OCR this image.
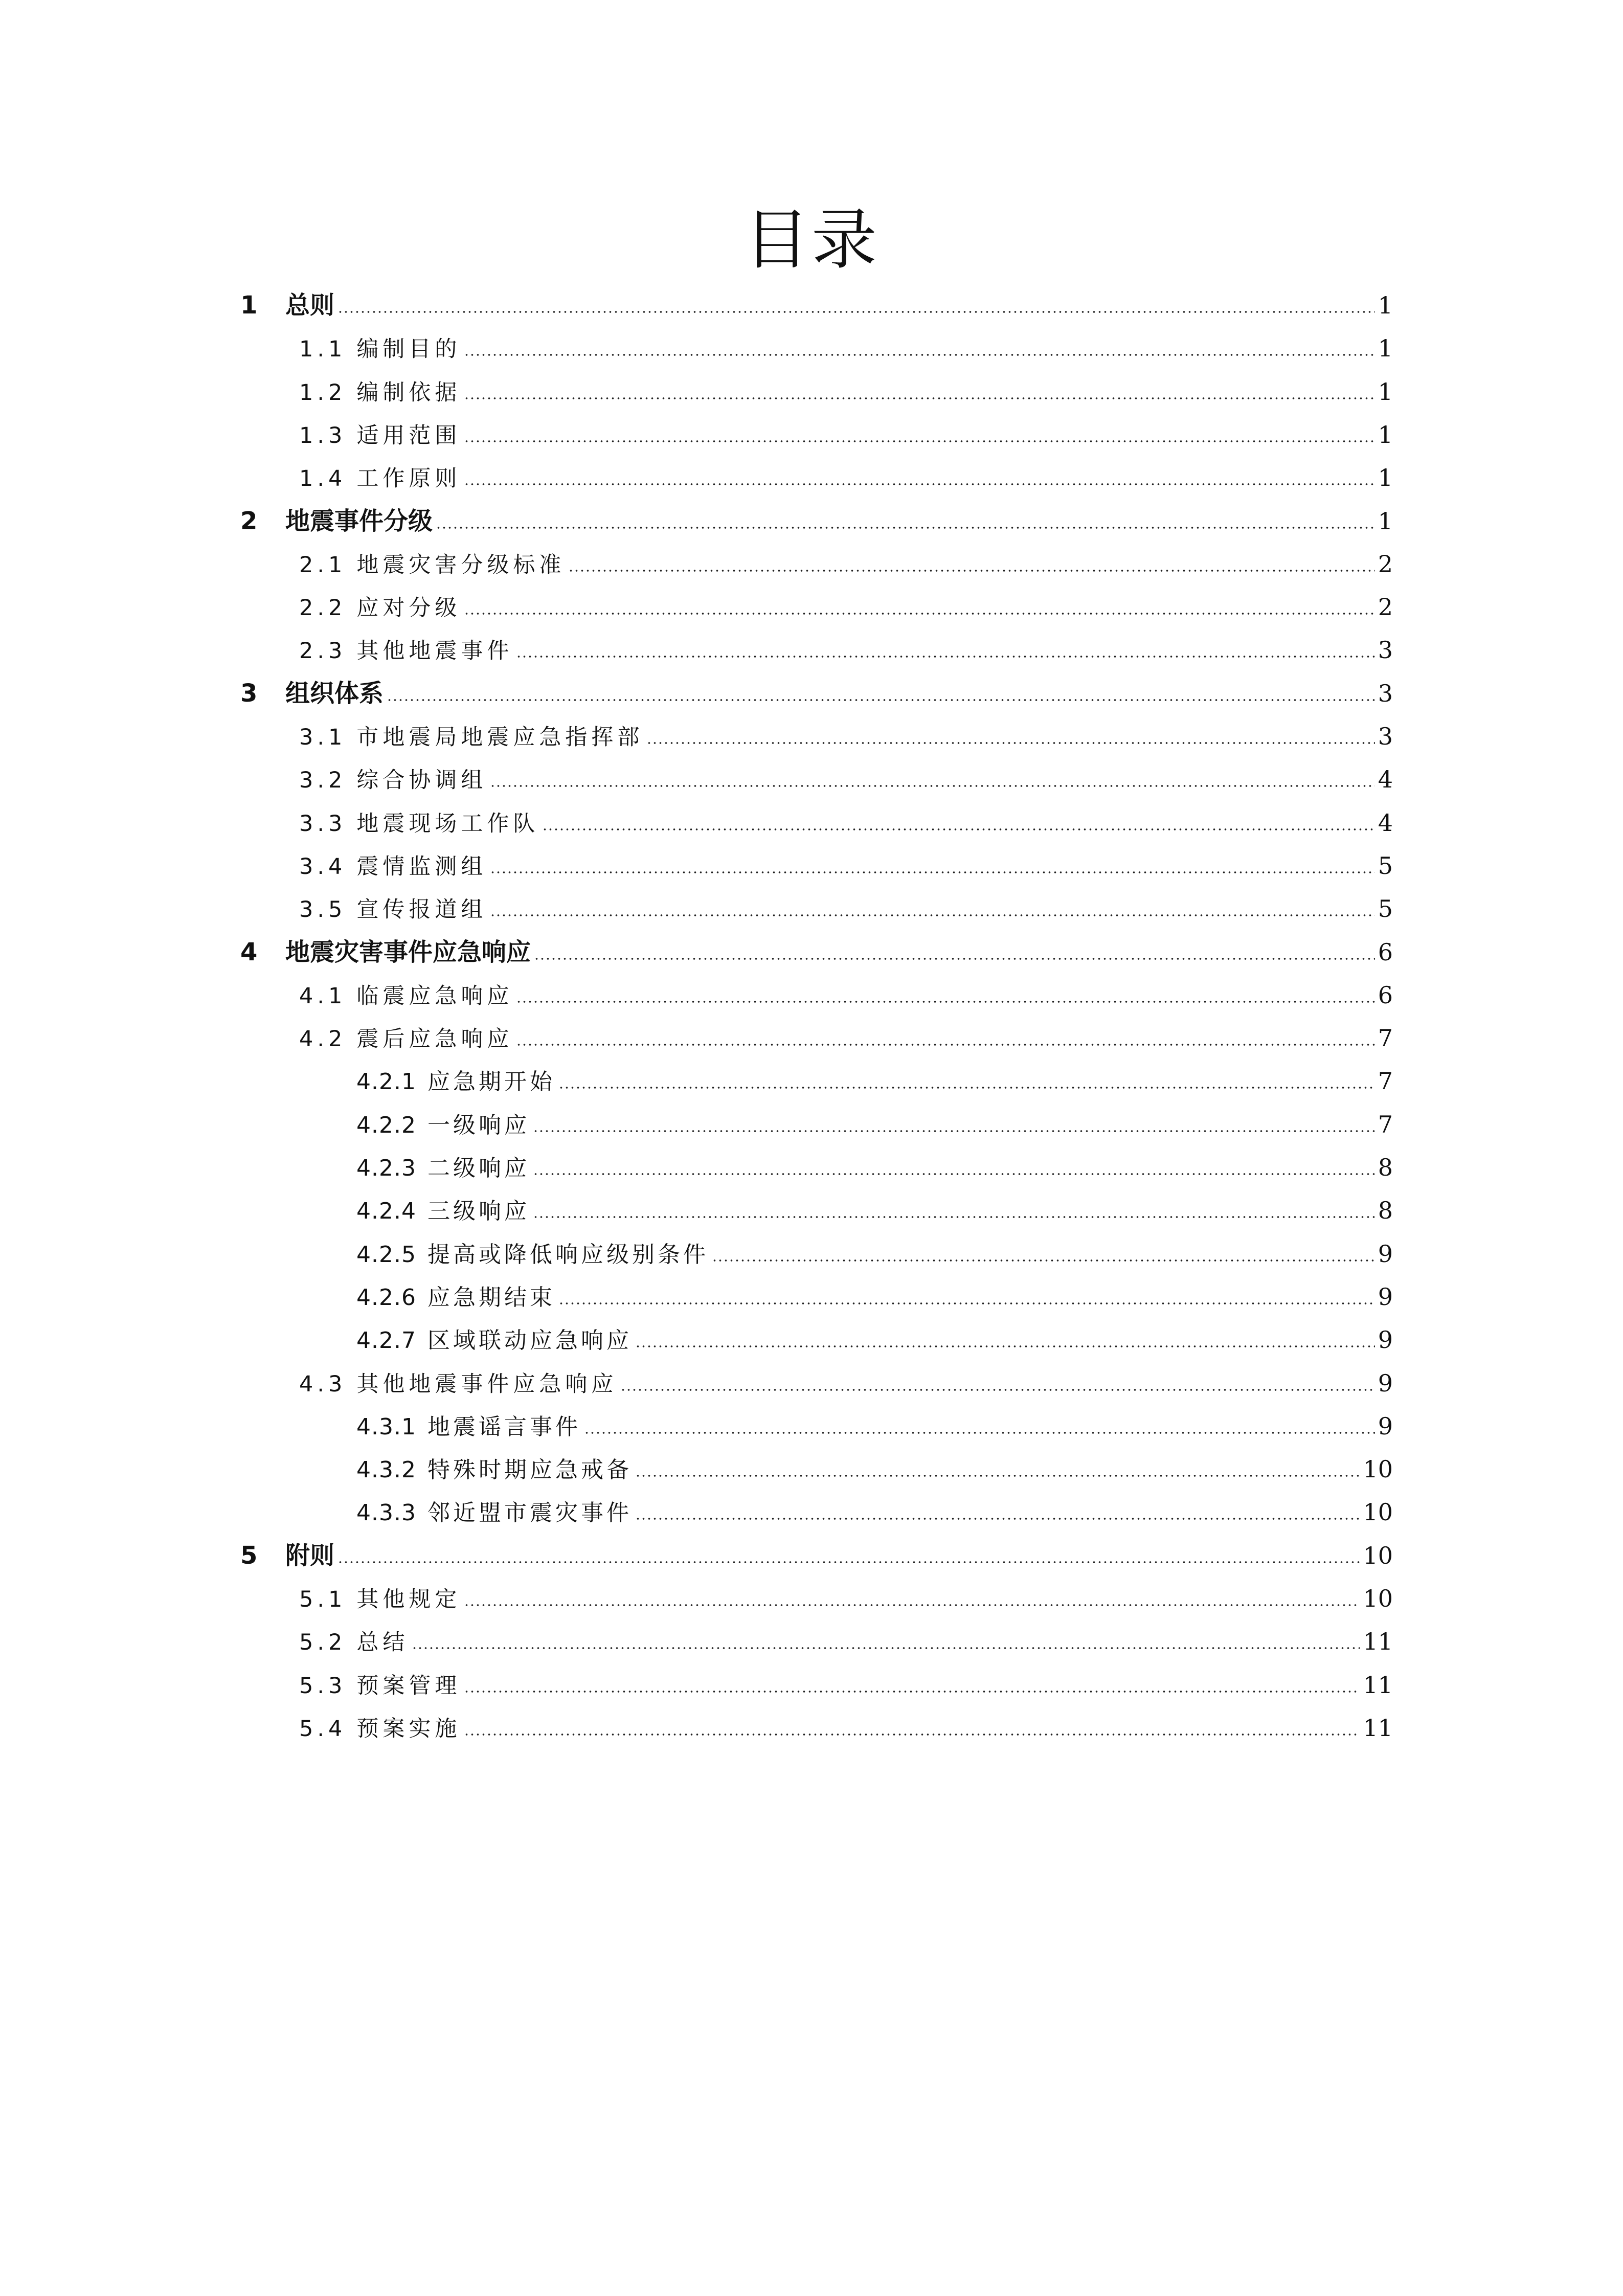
目录
1	总则	1
1.1 编制目的	1
1.2 编制依据	1
1.3 适用范围	1
1.4 工作原则	1
2	地震事件分级	1
2.1 地震灾害分级标准	2
2.2 应对分级	2
2.3 其他地震事件	3
3	组织体系	3
3.1 市地震局地震应急指挥部	3
3.2 综合协调组	4
3.3 地震现场工作队	4
3.4 震情监测组	5
3.5 宣传报道组	5
4	地震灾害事件应急响应	6
4.1 临震应急响应	6
4.2 震后应急响应	7
4.2.1 应急期开始	7
4.2.2 一级响应	7
4.2.3 二级响应	8
4.2.4 三级响应	8
4.2.5 提高或降低响应级别条件	9
4.2.6 应急期结束	9
4.2.7 区域联动应急响应	9
4.3 其他地震事件应急响应	9
4.3.1 地震谣言事件	9
4.3.2 特殊时期应急戒备	10
4.3.3 邻近盟市震灾事件	10
5	附则	10
5.1 其他规定	10
5.2 总结	11
5.3 预案管理	11
5.4 预案实施	11
